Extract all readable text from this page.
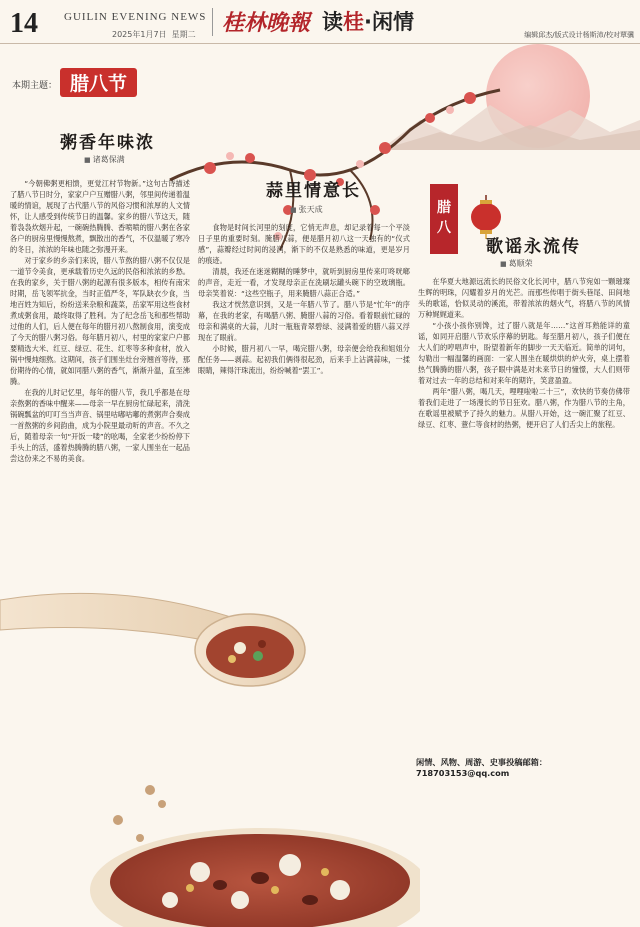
14 GUILIN EVENING NEWS
2025年1月7日 星期二 桂林晚報 读桂·闲情
编辑邱杰/版式设计杨斯沛/校对覃骥
本期主题： 腊八节
粥香年味浓
■ 诸葛保满

“今朝佛粥更相馈，更觉江村节物新。”这句古诗描述了腊八节日时分，家家户户互赠腊八粥，邻里间传递着温暖的情谊，展现了古代腊八节的风俗习惯和浓厚的人文情怀，让人感受到传统节日的温馨。家乡的腊八节这天，随着袅袅炊烟升起，一碗碗热腾腾、香喷喷的腊八粥在各家各户的厨房里慢慢熬煮，飘散出的香气，不仅温暖了寒冷的冬日，浓浓的年味也随之弥漫开来。

对于家乡的乡亲们来说，腊八节熬的腊八粥不仅仅是一道节令美食，更承载着历史久远的民俗和浓浓的乡愁。在我的家乡，关于腊八粥的起源有很多版本，相传有南宋时期，岳飞领军抗金，当时正值严冬，军队缺衣少食，当地百姓为知后，纷纷送来杂粮和蔬菜，岳家军用这些食材煮成粥食用，最终取得了胜利。为了纪念岳飞和那些帮助过他的人们，后人便在每年的腊月初八熬制食用，演变成了今天的腊八粥习俗。每年腊月初八，村里的家家户户都要精选大米、红豆、绿豆、花生、红枣等多种食材，放入锅中慢炖细熬。这期间，孩子们围坐灶台旁翘首等待，那份期待的心情，就如同腊八粥的香气，渐渐升温，直至沸腾。

在我的儿时记忆里，每年的腊八节，我几乎都是在母亲熬粥的香味中醒来——母亲一早在厨房忙碌起来，清洗锅碗瓢盆的叮叮当当声音、锅里咕嘟咕嘟的煮粥声合奏成一首熬粥的乡间韵曲，成为小院里最动听的声音。不久之后，随着母亲一句“开饭一喽”的吆喝，全家老少纷纷停下手头上的活，盛着热腾腾的腊八粥，一家人围坐在一起品尝这份来之不易的美食。

蒜里情意长
■ 张天成

食物是时间长河里的刻度，它悄无声息，却记录着每一个平淡日子里的重要时刻。腌腊八蒜，便是腊月初八这一天独有的“仪式感”，蒜瓣经过时间的浸润，渐下的不仅是熟悉的味道，更是岁月的痕迹。

清晨，我还在迷迷糊糊的睡梦中，就听到厨房里传来叮咚咣啷的声音，走近一看，才发现母亲正在洗刷坛罐头碗下的空玻璃瓶。母亲笑着说：“这些空瓶子，用来腌腊八蒜正合适。”

我这才恍然意识到，又是一年腊八节了。腊八节是“忙年”的序幕，在我的老家，有喝腊八粥、腌腊八蒜的习俗。看着眼前忙碌的母亲和满桌的大蒜，儿时一瓶瓶青翠碧绿、浸满着爱的腊八蒜又浮现在了眼前。

小时候，腊月初八一早，喝完腊八粥，母亲便会给我和姐姐分配任务——剥蒜。起初我们俩得很起劲，后来手上沾满蒜味，一揉眼睛，辣得汗珠流出，纷纷喊着“罢工”。

腊
八
歌谣永流传
■ 葛顺荣

在华夏大地源远流长的民俗文化长河中，腊八节宛如一颗璀璨生辉的明珠，闪耀着岁月的光芒。而那些传唱于街头巷尾、田间地头的歌谣，恰似灵动的溪流，带着浓浓的烟火气，将腊八节的风情万种娓娓道来。

“小孩小孩你别馋，过了腊八就是年……”这首耳熟能详的童谣，如同开启腊八节欢乐序幕的钥匙。每至腊月初八，孩子们便在大人们的哼唱声中，盼望着新年的脚步一天天临近。简单的词句，勾勒出一幅温馨的画面：一家人围坐在暖烘烘的炉火旁，桌上摆着热气腾腾的腊八粥，孩子眼中满是对未来节日的憧憬，大人们则带着对过去一年的总结和对来年的期许，笑意盈盈。

两年“腊八粥，喝几天，哩哩啦啦二十三”，欢快的节奏仿佛带着我们走进了一场漫长的节日狂欢。腊八粥，作为腊八节的主角，在歌谣里被赋予了持久的魅力。从腊八开始，这一碗汇聚了红豆、绿豆、红枣、薏仁等食材的热粥，便开启了人们舌尖上的旅程。

闲情、风物、周游、史事投稿邮箱：718703153@qq.com
